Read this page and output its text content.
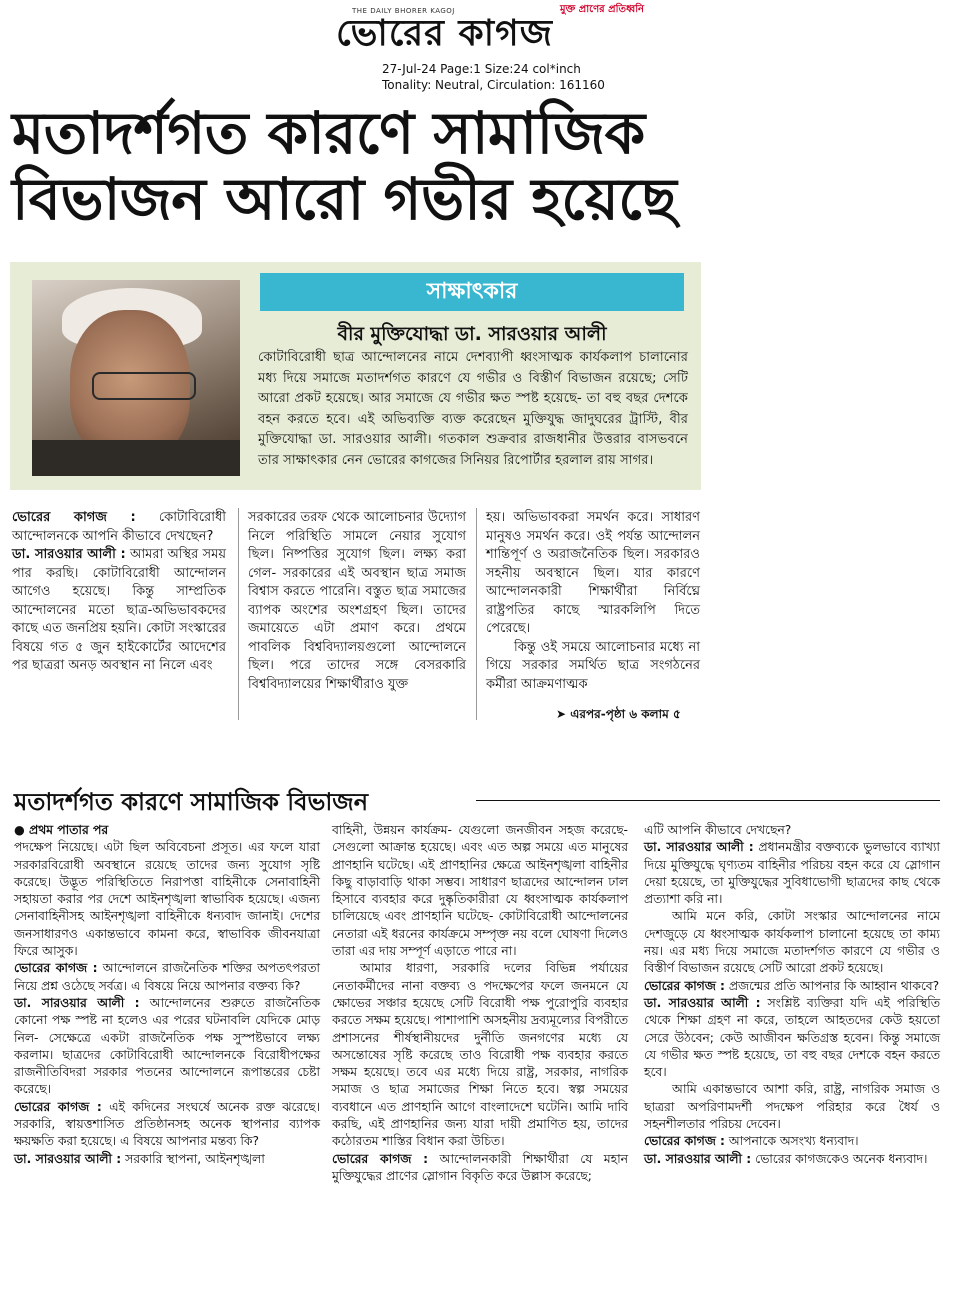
মুক্ত প্রাণের প্রতিধ্বনি
THE DAILY BHORER KAGOJ
ভোরের কাগজ
27-Jul-24 Page:1 Size:24 col*inch
Tonality: Neutral, Circulation: 161160
মতাদর্শগত কারণে সামাজিক বিভাজন আরো গভীর হয়েছে
সাক্ষাৎকার
বীর মুক্তিযোদ্ধা ডা. সারওয়ার আলী
কোটাবিরোধী ছাত্র আন্দোলনের নামে দেশব্যাপী ধ্বংসাত্মক কার্যকলাপ চালানোর মধ্য দিয়ে সমাজে মতাদর্শগত কারণে যে গভীর ও বিস্তীর্ণ বিভাজন রয়েছে; সেটি আরো প্রকট হয়েছে। আর সমাজে যে গভীর ক্ষত স্পষ্ট হয়েছে- তা বহু বছর দেশকে বহন করতে হবে। এই অভিব্যক্তি ব্যক্ত করেছেন মুক্তিযুদ্ধ জাদুঘরের ট্রাস্টি, বীর মুক্তিযোদ্ধা ডা. সারওয়ার আলী। গতকাল শুক্রবার রাজধানীর উত্তরার বাসভবনে তার সাক্ষাৎকার নেন ভোরের কাগজের সিনিয়র রিপোর্টার হরলাল রায় সাগর।

ভোরের কাগজ : কোটাবিরোধী আন্দোলনকে আপনি কীভাবে দেখছেন?

ডা. সারওয়ার আলী : আমরা অস্থির সময় পার করছি। কোটাবিরোধী আন্দোলন আগেও হয়েছে। কিন্তু সাম্প্রতিক আন্দোলনের মতো ছাত্র-অভিভাবকদের কাছে এত জনপ্রিয় হয়নি। কোটা সংস্কারের বিষয়ে গত ৫ জুন হাইকোর্টের আদেশের পর ছাত্ররা অনড় অবস্থান না নিলে এবং

সরকারের তরফ থেকে আলোচনার উদ্যোগ নিলে পরিস্থিতি সামলে নেয়ার সুযোগ ছিল। নিষ্পত্তির সুযোগ ছিল। লক্ষ্য করা গেল- সরকারের এই অবস্থান ছাত্র সমাজ বিশ্বাস করতে পারেনি। বস্তুত ছাত্র সমাজের ব্যাপক অংশের অংশগ্রহণ ছিল। তাদের জমায়েতে এটা প্রমাণ করে। প্রথমে পাবলিক বিশ্ববিদ্যালয়গুলো আন্দোলনে ছিল। পরে তাদের সঙ্গে বেসরকারি বিশ্ববিদ্যালয়ের শিক্ষার্থীরাও যুক্ত

হয়। অভিভাবকরা সমর্থন করে। সাধারণ মানুষও সমর্থন করে। ওই পর্যন্ত আন্দোলন শান্তিপূর্ণ ও অরাজনৈতিক ছিল। সরকারও সহনীয় অবস্থানে ছিল। যার কারণে আন্দোলনকারী শিক্ষার্থীরা নির্বিঘ্নে রাষ্ট্রপতির কাছে স্মারকলিপি দিতে পেরেছে।

কিন্তু ওই সময়ে আলোচনার মধ্যে না গিয়ে সরকার সমর্থিত ছাত্র সংগঠনের কর্মীরা আক্রমণাত্মক

➤ এরপর-পৃষ্ঠা ৬ কলাম ৫
মতাদর্শগত কারণে সামাজিক বিভাজন

● প্রথম পাতার পর

পদক্ষেপ নিয়েছে। এটা ছিল অবিবেচনা প্রসূত। এর ফলে যারা সরকারবিরোধী অবস্থানে রয়েছে তাদের জন্য সুযোগ সৃষ্টি করেছে। উদ্ভূত পরিস্থিতিতে নিরাপত্তা বাহিনীকে সেনাবাহিনী সহায়তা করার পর দেশে আইনশৃঙ্খলা স্বাভাবিক হয়েছে। এজন্য সেনাবাহিনীসহ আইনশৃঙ্খলা বাহিনীকে ধন্যবাদ জানাই। দেশের জনসাধারণও একান্তভাবে কামনা করে, স্বাভাবিক জীবনযাত্রা ফিরে আসুক।

ভোরের কাগজ : আন্দোলনে রাজনৈতিক শক্তির অপতৎপরতা নিয়ে প্রশ্ন ওঠেছে সর্বত্র। এ বিষয়ে নিয়ে আপনার বক্তব্য কি?

ডা. সারওয়ার আলী : আন্দোলনের শুরুতে রাজনৈতিক কোনো পক্ষ স্পষ্ট না হলেও এর পরের ঘটনাবলি যেদিকে মোড় নিল- সেক্ষেত্রে একটা রাজনৈতিক পক্ষ সুস্পষ্টভাবে লক্ষ্য করলাম। ছাত্রদের কোটাবিরোধী আন্দোলনকে বিরোধীপক্ষের রাজনীতিবিদরা সরকার পতনের আন্দোলনে রূপান্তরের চেষ্টা করেছে।

ভোরের কাগজ : এই কদিনের সংঘর্ষে অনেক রক্ত ঝরেছে। সরকারি, স্বায়ত্তশাসিত প্রতিষ্ঠানসহ অনেক স্থাপনার ব্যাপক ক্ষয়ক্ষতি করা হয়েছে। এ বিষয়ে আপনার মন্তব্য কি?

ডা. সারওয়ার আলী : সরকারি স্থাপনা, আইনশৃঙ্খলা

বাহিনী, উন্নয়ন কার্যক্রম- যেগুলো জনজীবন সহজ করেছে- সেগুলো আক্রান্ত হয়েছে। এবং এত অল্প সময়ে এত মানুষের প্রাণহানি ঘটেছে। এই প্রাণহানির ক্ষেত্রে আইনশৃঙ্খলা বাহিনীর কিছু বাড়াবাড়ি থাকা সম্ভব। সাধারণ ছাত্রদের আন্দোলন ঢাল হিসাবে ব্যবহার করে দুষ্কৃতিকারীরা যে ধ্বংসাত্মক কার্যকলাপ চালিয়েছে এবং প্রাণহানি ঘটেছে- কোটাবিরোধী আন্দোলনের নেতারা এই ধরনের কার্যক্রমে সম্পৃক্ত নয় বলে ঘোষণা দিলেও তারা এর দায় সম্পূর্ণ এড়াতে পারে না।

আমার ধারণা, সরকারি দলের বিভিন্ন পর্যায়ের নেতাকর্মীদের নানা বক্তব্য ও পদক্ষেপের ফলে জনমনে যে ক্ষোভের সঞ্চার হয়েছে সেটি বিরোধী পক্ষ পুরোপুরি ব্যবহার করতে সক্ষম হয়েছে। পাশাপাশি অসহনীয় দ্রব্যমূল্যের বিপরীতে প্রশাসনের শীর্ষস্থানীয়দের দুর্নীতি জনগণের মধ্যে যে অসন্তোষের সৃষ্টি করেছে তাও বিরোধী পক্ষ ব্যবহার করতে সক্ষম হয়েছে। তবে এর মধ্যে দিয়ে রাষ্ট্র, সরকার, নাগরিক সমাজ ও ছাত্র সমাজের শিক্ষা নিতে হবে। স্বল্প সময়ের ব্যবধানে এত প্রাণহানি আগে বাংলাদেশে ঘটেনি। আমি দাবি করছি, এই প্রাণহানির জন্য যারা দায়ী প্রমাণিত হয়, তাদের কঠোরতম শাস্তির বিধান করা উচিত।

ভোরের কাগজ : আন্দোলনকারী শিক্ষার্থীরা যে মহান মুক্তিযুদ্ধের প্রাণের স্লোগান বিকৃতি করে উল্লাস করেছে;

এটি আপনি কীভাবে দেখছেন?

ডা. সারওয়ার আলী : প্রধানমন্ত্রীর বক্তব্যকে ভুলভাবে ব্যাখ্যা দিয়ে মুক্তিযুদ্ধে ঘৃণ্যতম বাহিনীর পরিচয় বহন করে যে স্লোগান দেয়া হয়েছে, তা মুক্তিযুদ্ধের সুবিধাভোগী ছাত্রদের কাছ থেকে প্রত্যাশা করি না।

আমি মনে করি, কোটা সংস্কার আন্দোলনের নামে দেশজুড়ে যে ধ্বংসাত্মক কার্যকলাপ চালানো হয়েছে তা কাম্য নয়। এর মধ্য দিয়ে সমাজে মতাদর্শগত কারণে যে গভীর ও বিস্তীর্ণ বিভাজন রয়েছে সেটি আরো প্রকট হয়েছে।

ভোরের কাগজ : প্রজন্মের প্রতি আপনার কি আহ্বান থাকবে?

ডা. সারওয়ার আলী : সংশ্লিষ্ট ব্যক্তিরা যদি এই পরিস্থিতি থেকে শিক্ষা গ্রহণ না করে, তাহলে আহতদের কেউ হয়তো সেরে উঠবেন; কেউ আজীবন ক্ষতিগ্রস্ত হবেন। কিন্তু সমাজে যে গভীর ক্ষত স্পষ্ট হয়েছে, তা বহু বছর দেশকে বহন করতে হবে।

আমি একান্তভাবে আশা করি, রাষ্ট্র, নাগরিক সমাজ ও ছাত্ররা অপরিণামদর্শী পদক্ষেপ পরিহার করে ধৈর্য ও সহনশীলতার পরিচয় দেবেন।

ভোরের কাগজ : আপনাকে অসংখ্য ধন্যবাদ।

ডা. সারওয়ার আলী : ভোরের কাগজকেও অনেক ধন্যবাদ।
